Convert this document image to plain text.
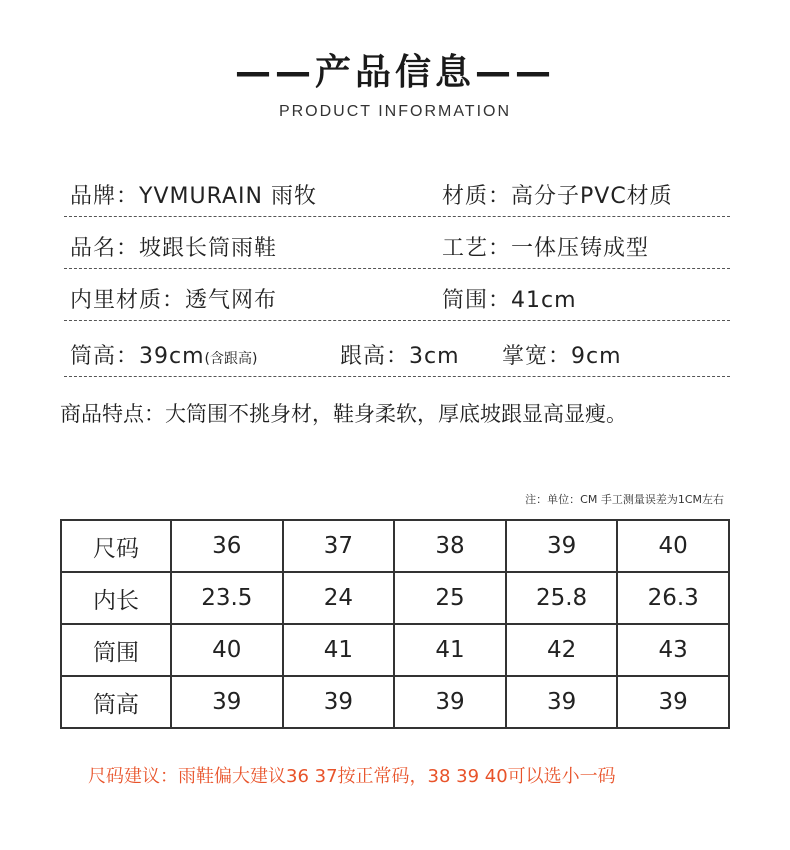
——产品信息——
PRODUCT INFORMATION
品牌：YVMURAIN 雨牧	材质：高分子PVC材质
品名：坡跟长筒雨鞋	工艺：一体压铸成型
内里材质：透气网布	筒围：41cm
筒高：39cm(含跟高)	跟高：3cm 掌宽：9cm
商品特点：大筒围不挑身材，鞋身柔软，厚底坡跟显高显瘦。
注：单位：CM 手工测量误差为1CM左右
尺码	36	37	38	39	40
内长	23.5	24	25	25.8	26.3
筒围	40	41	41	42	43
筒高	39	39	39	39	39
尺码建议：雨鞋偏大建议36 37按正常码，38 39 40可以选小一码
